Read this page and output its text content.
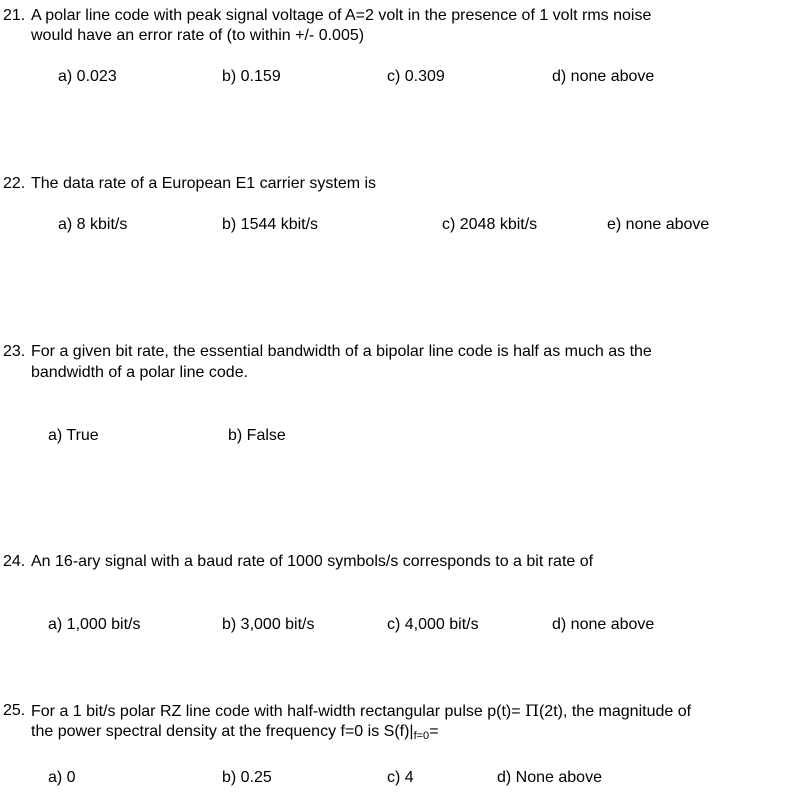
21. A polar line code with peak signal voltage of A=2 volt in the presence of 1 volt rms noise
would have an error rate of (to within +/- 0.005)
a) 0.023	b) 0.159	c) 0.309	d) none above
22. The data rate of a European E1 carrier system is
a) 8 kbit/s	b) 1544 kbit/s	c) 2048 kbit/s	e) none above
23. For a given bit rate, the essential bandwidth of a bipolar line code is half as much as the
bandwidth of a polar line code.
a) True	b) False
24. An 16-ary signal with a baud rate of 1000 symbols/s corresponds to a bit rate of
a) 1,000 bit/s	b) 3,000 bit/s	c) 4,000 bit/s	d) none above
25. For a 1 bit/s polar RZ line code with half-width rectangular pulse p(t)= Π(2t), the magnitude of
the power spectral density at the frequency f=0 is $S(f)|_{f=0}=$
a) 0	b) 0.25	c) 4	d) None above
